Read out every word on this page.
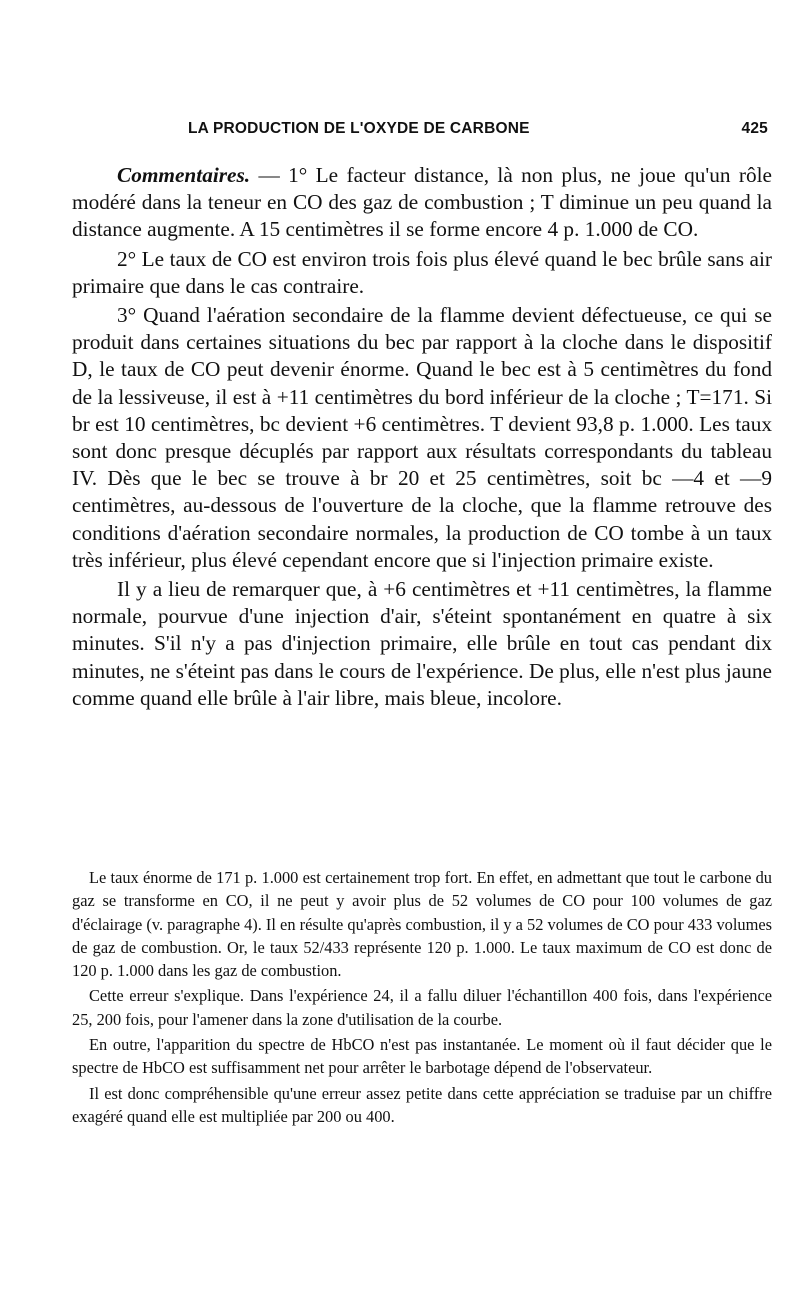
LA PRODUCTION DE L'OXYDE DE CARBONE	425

Commentaires. — 1° Le facteur distance, là non plus, ne joue qu'un rôle modéré dans la teneur en CO des gaz de combustion ; T diminue un peu quand la distance augmente. A 15 centimètres il se forme encore 4 p. 1.000 de CO.

2° Le taux de CO est environ trois fois plus élevé quand le bec brûle sans air primaire que dans le cas contraire.

3° Quand l'aération secondaire de la flamme devient défectueuse, ce qui se produit dans certaines situations du bec par rapport à la cloche dans le dispositif D, le taux de CO peut devenir énorme. Quand le bec est à 5 centimètres du fond de la lessiveuse, il est à +11 centimètres du bord inférieur de la cloche ; T=171. Si br est 10 centimètres, bc devient +6 centimètres. T devient 93,8 p. 1.000. Les taux sont donc presque décuplés par rapport aux résultats correspondants du tableau IV. Dès que le bec se trouve à br 20 et 25 centimètres, soit bc —4 et —9 centimètres, au-dessous de l'ouverture de la cloche, que la flamme retrouve des conditions d'aération secondaire normales, la production de CO tombe à un taux très inférieur, plus élevé cependant encore que si l'injection primaire existe.

Il y a lieu de remarquer que, à +6 centimètres et +11 centimètres, la flamme normale, pourvue d'une injection d'air, s'éteint spontanément en quatre à six minutes. S'il n'y a pas d'injection primaire, elle brûle en tout cas pendant dix minutes, ne s'éteint pas dans le cours de l'expérience. De plus, elle n'est plus jaune comme quand elle brûle à l'air libre, mais bleue, incolore.

Le taux énorme de 171 p. 1.000 est certainement trop fort. En effet, en admettant que tout le carbone du gaz se transforme en CO, il ne peut y avoir plus de 52 volumes de CO pour 100 volumes de gaz d'éclairage (v. paragraphe 4). Il en résulte qu'après combustion, il y a 52 volumes de CO pour 433 volumes de gaz de combustion. Or, le taux 52/433 représente 120 p. 1.000. Le taux maximum de CO est donc de 120 p. 1.000 dans les gaz de combustion.

Cette erreur s'explique. Dans l'expérience 24, il a fallu diluer l'échantillon 400 fois, dans l'expérience 25, 200 fois, pour l'amener dans la zone d'utilisation de la courbe.

En outre, l'apparition du spectre de HbCO n'est pas instantanée. Le moment où il faut décider que le spectre de HbCO est suffisamment net pour arrêter le barbotage dépend de l'observateur.

Il est donc compréhensible qu'une erreur assez petite dans cette appréciation se traduise par un chiffre exagéré quand elle est multipliée par 200 ou 400.
